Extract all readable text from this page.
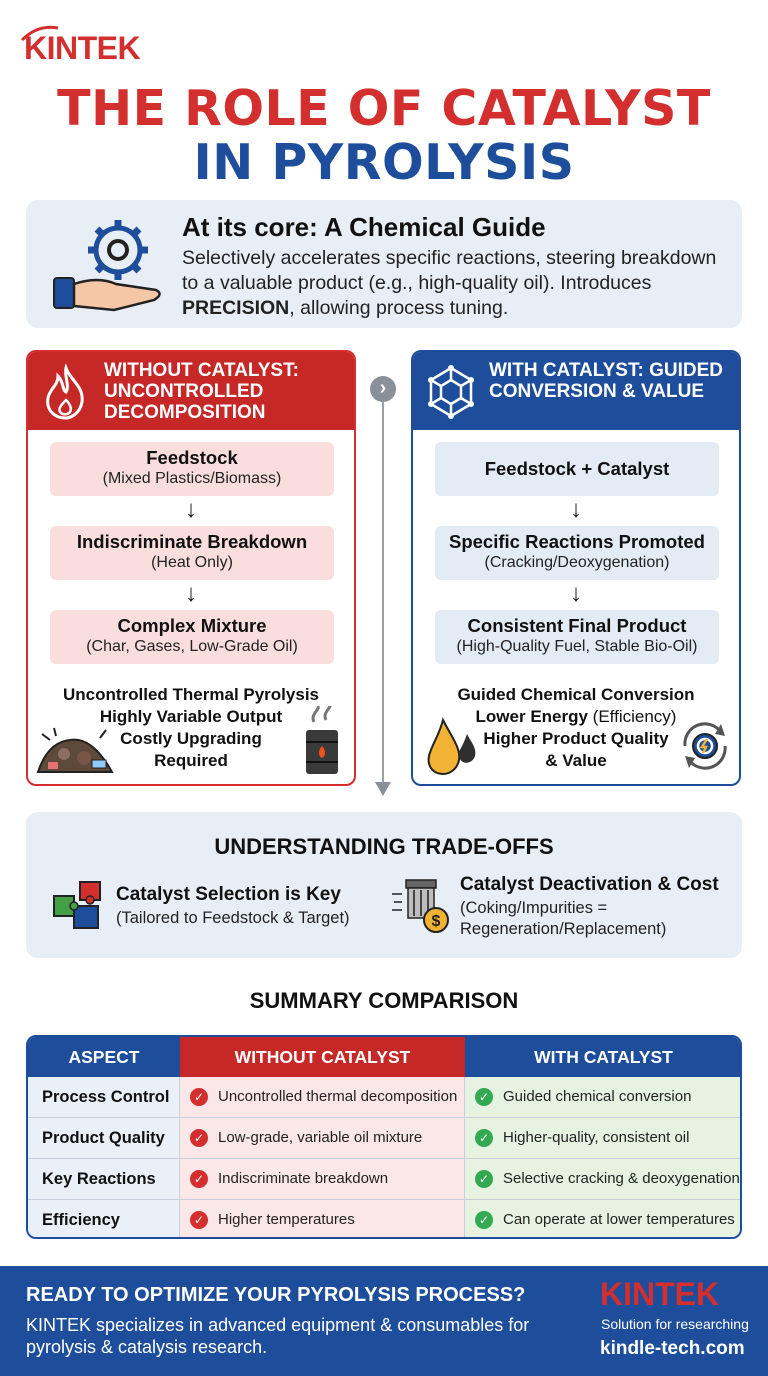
KINTEK
THE ROLE OF CATALYST
IN PYROLYSIS
At its core: A Chemical Guide
Selectively accelerates specific reactions, steering breakdown to a valuable product (e.g., high-quality oil). Introduces PRECISION, allowing process tuning.
WITHOUT CATALYST: UNCONTROLLED DECOMPOSITION
Feedstock
(Mixed Plastics/Biomass)
↓
Indiscriminate Breakdown
(Heat Only)
↓
Complex Mixture
(Char, Gases, Low-Grade Oil)
Uncontrolled Thermal Pyrolysis
Highly Variable Output
Costly Upgrading
Required
›
WITH CATALYST: GUIDED CONVERSION & VALUE
Feedstock + Catalyst
↓
Specific Reactions Promoted
(Cracking/Deoxygenation)
↓
Consistent Final Product
(High-Quality Fuel, Stable Bio-Oil)
Guided Chemical Conversion
Lower Energy (Efficiency)
Higher Product Quality
& Value
UNDERSTANDING TRADE-OFFS
Catalyst Selection is Key
(Tailored to Feedstock & Target)	$
Catalyst Deactivation & Cost
(Coking/Impurities =
Regeneration/Replacement)
SUMMARY COMPARISON
ASPECT	WITHOUT CATALYST	WITH CATALYST
Process Control	✓ Uncontrolled thermal decomposition	✓ Guided chemical conversion
Product Quality	✓ Low-grade, variable oil mixture	✓ Higher-quality, consistent oil
Key Reactions	✓ Indiscriminate breakdown	✓ Selective cracking & deoxygenation
Efficiency	✓ Higher temperatures	✓ Can operate at lower temperatures
READY TO OPTIMIZE YOUR PYROLYSIS PROCESS?
KINTEK specializes in advanced equipment & consumables for pyrolysis & catalysis research.
KINTEK
Solution for researching
kindle-tech.com
